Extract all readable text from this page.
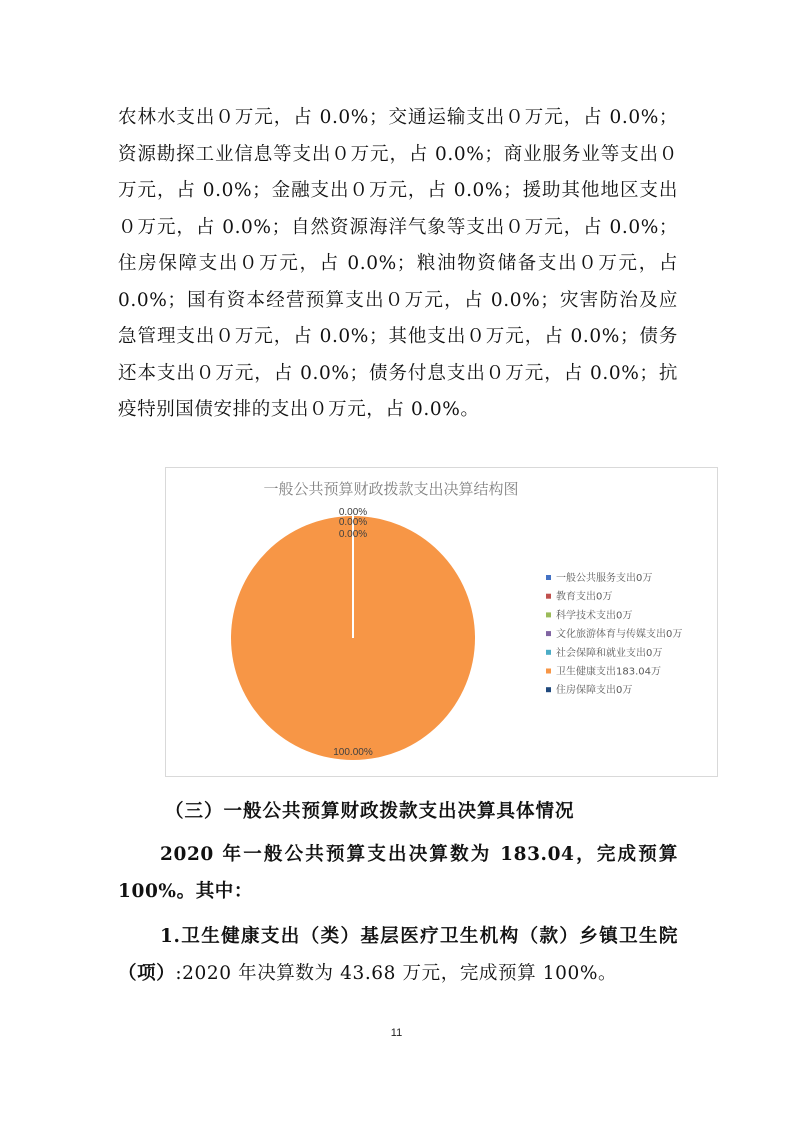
农林水支出０万元，占 0.0%；交通运输支出０万元，占 0.0%；资源勘探工业信息等支出０万元，占 0.0%；商业服务业等支出０万元，占 0.0%；金融支出０万元，占 0.0%；援助其他地区支出０万元，占 0.0%；自然资源海洋气象等支出０万元，占 0.0%；住房保障支出０万元，占 0.0%；粮油物资储备支出０万元，占 0.0%；国有资本经营预算支出０万元，占 0.0%；灾害防治及应急管理支出０万元，占 0.0%；其他支出０万元，占 0.0%；债务还本支出０万元，占 0.0%；债务付息支出０万元，占 0.0%；抗疫特别国债安排的支出０万元，占 0.0%。
一般公共预算财政拨款支出决算结构图
0.00%
0.00%
0.00%
100.00%
一般公共服务支出0万
教育支出0万
科学技术支出0万
文化旅游体育与传媒支出0万
社会保障和就业支出0万
卫生健康支出183.04万
住房保障支出0万
（三）一般公共预算财政拨款支出决算具体情况
2020 年一般公共预算支出决算数为 183.04，完成预算 100%。其中：
1.卫生健康支出（类）基层医疗卫生机构（款）乡镇卫生院（项）:2020 年决算数为 43.68 万元，完成预算 100%。
11
